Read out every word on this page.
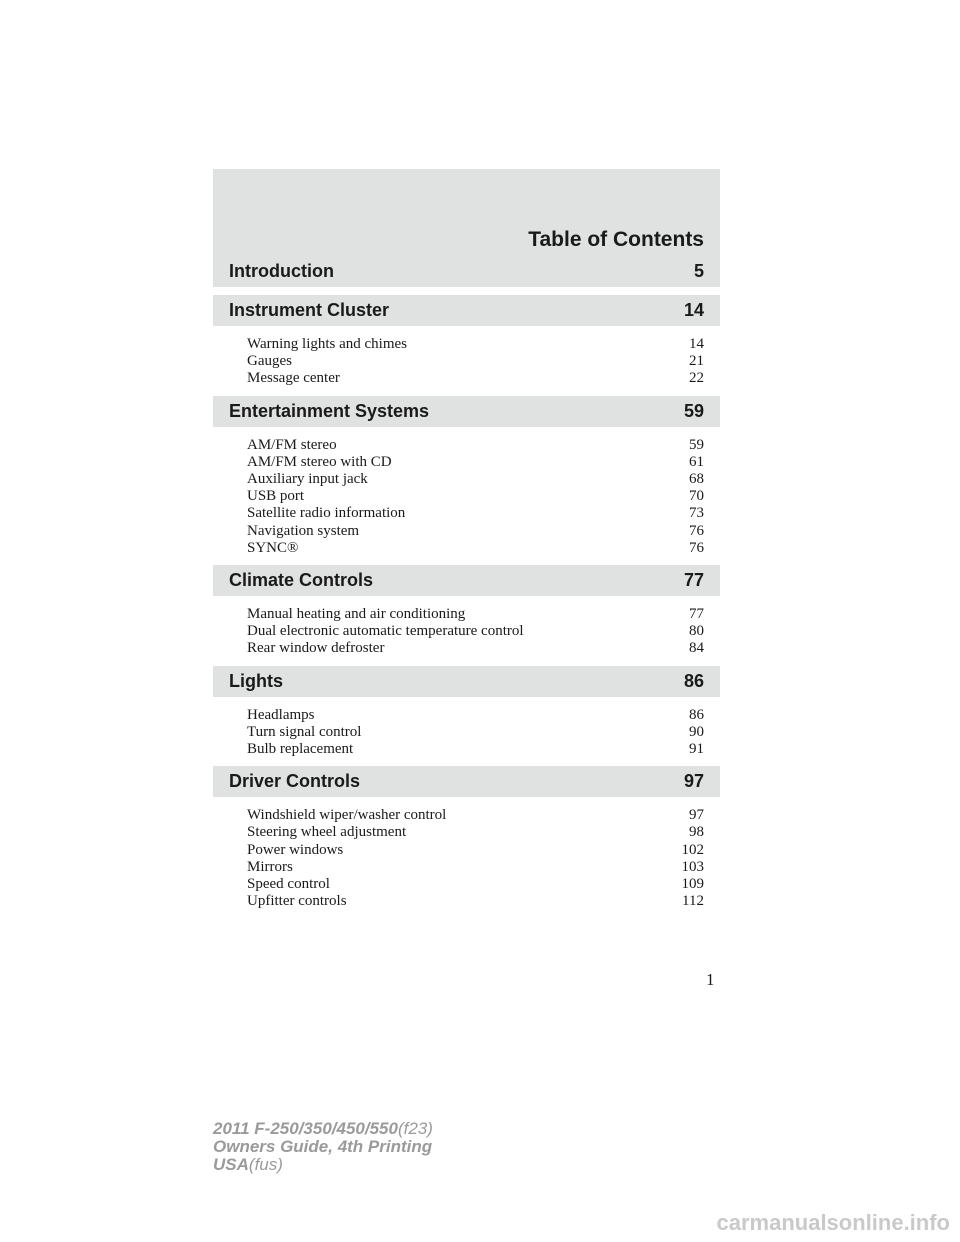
Table of Contents
Introduction	5
Instrument Cluster	14
Warning lights and chimes	14
Gauges	21
Message center	22
Entertainment Systems	59
AM/FM stereo	59
AM/FM stereo with CD	61
Auxiliary input jack	68
USB port	70
Satellite radio information	73
Navigation system	76
SYNC®	76
Climate Controls	77
Manual heating and air conditioning	77
Dual electronic automatic temperature control	80
Rear window defroster	84
Lights	86
Headlamps	86
Turn signal control	90
Bulb replacement	91
Driver Controls	97
Windshield wiper/washer control	97
Steering wheel adjustment	98
Power windows	102
Mirrors	103
Speed control	109
Upfitter controls	112
1
2011 F-250/350/450/550(f23)
Owners Guide, 4th Printing
USA(fus)
carmanualsonline.info
